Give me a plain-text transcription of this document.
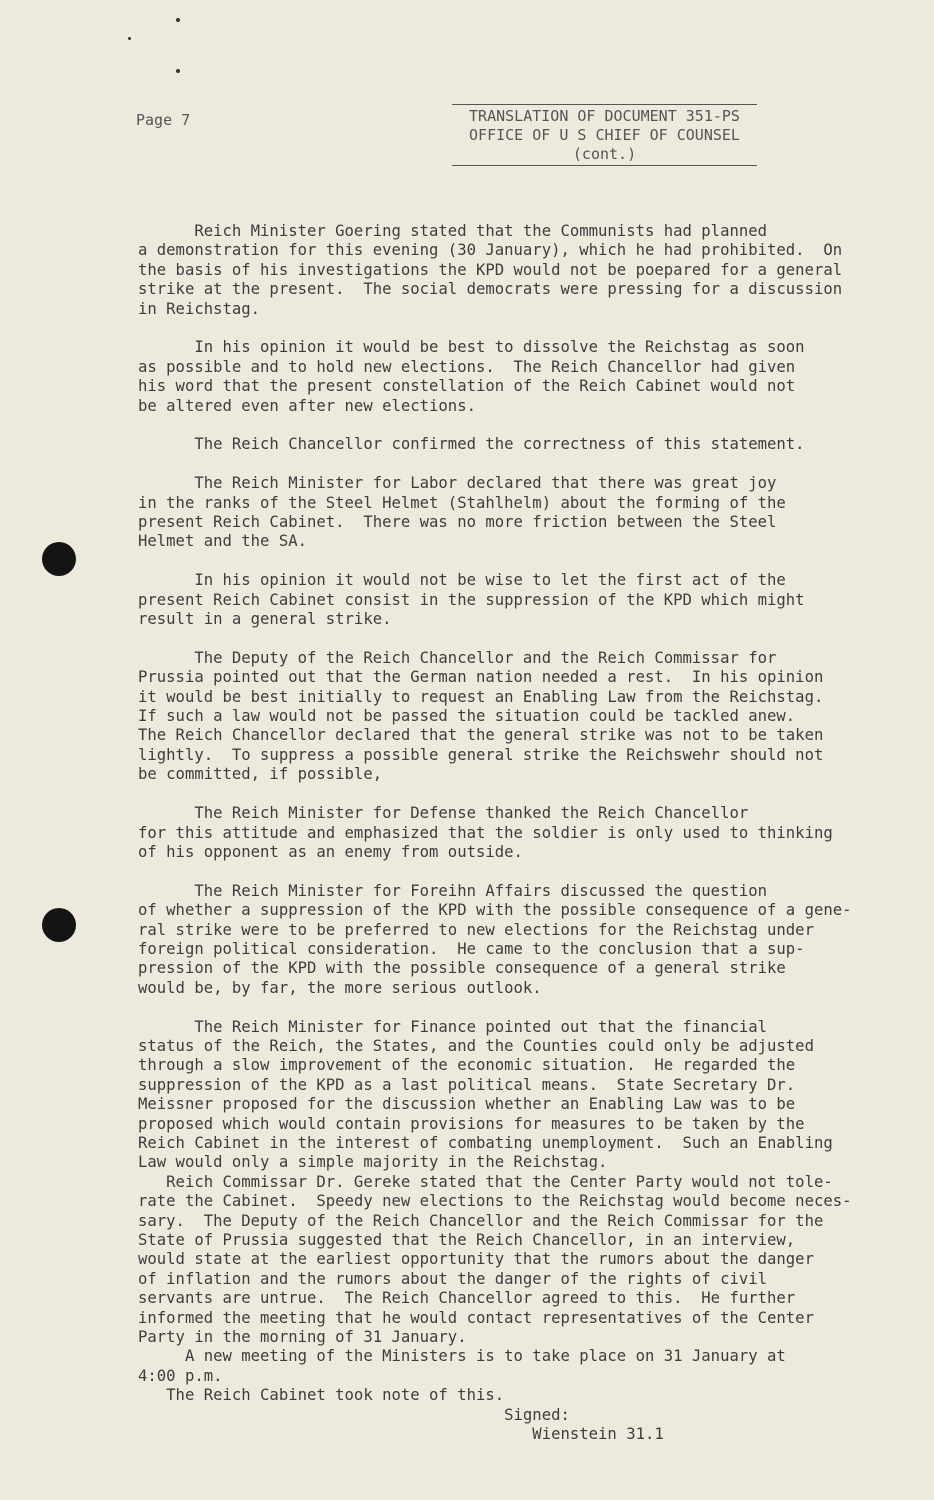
Page 7	TRANSLATION OF DOCUMENT 351-PS
OFFICE OF U S CHIEF OF COUNSEL
(cont.)

Reich Minister Goering stated that the Communists had planned
a demonstration for this evening (30 January), which he had prohibited.  On
the basis of his investigations the KPD would not be poepared for a general
strike at the present.  The social democrats were pressing for a discussion
in Reichstag.

In his opinion it would be best to dissolve the Reichstag as soon
as possible and to hold new elections.  The Reich Chancellor had given
his word that the present constellation of the Reich Cabinet would not
be altered even after new elections.

The Reich Chancellor confirmed the correctness of this statement.

The Reich Minister for Labor declared that there was great joy
in the ranks of the Steel Helmet (Stahlhelm) about the forming of the
present Reich Cabinet.  There was no more friction between the Steel
Helmet and the SA.

In his opinion it would not be wise to let the first act of the
present Reich Cabinet consist in the suppression of the KPD which might
result in a general strike.

The Deputy of the Reich Chancellor and the Reich Commissar for
Prussia pointed out that the German nation needed a rest.  In his opinion
it would be best initially to request an Enabling Law from the Reichstag.
If such a law would not be passed the situation could be tackled anew.
The Reich Chancellor declared that the general strike was not to be taken
lightly.  To suppress a possible general strike the Reichswehr should not
be committed, if possible,

The Reich Minister for Defense thanked the Reich Chancellor
for this attitude and emphasized that the soldier is only used to thinking
of his opponent as an enemy from outside.

The Reich Minister for Foreihn Affairs discussed the question
of whether a suppression of the KPD with the possible consequence of a gene-
ral strike were to be preferred to new elections for the Reichstag under
foreign political consideration.  He came to the conclusion that a sup-
pression of the KPD with the possible consequence of a general strike
would be, by far, the more serious outlook.

The Reich Minister for Finance pointed out that the financial
status of the Reich, the States, and the Counties could only be adjusted
through a slow improvement of the economic situation.  He regarded the
suppression of the KPD as a last political means.  State Secretary Dr.
Meissner proposed for the discussion whether an Enabling Law was to be
proposed which would contain provisions for measures to be taken by the
Reich Cabinet in the interest of combating unemployment.  Such an Enabling
Law would only a simple majority in the Reichstag.
Reich Commissar Dr. Gereke stated that the Center Party would not tole-
rate the Cabinet.  Speedy new elections to the Reichstag would become neces-
sary.  The Deputy of the Reich Chancellor and the Reich Commissar for the
State of Prussia suggested that the Reich Chancellor, in an interview,
would state at the earliest opportunity that the rumors about the danger
of inflation and the rumors about the danger of the rights of civil
servants are untrue.  The Reich Chancellor agreed to this.  He further
informed the meeting that he would contact representatives of the Center
Party in the morning of 31 January.
A new meeting of the Ministers is to take place on 31 January at
4:00 p.m.
The Reich Cabinet took note of this.
Signed:
Wienstein 31.1
